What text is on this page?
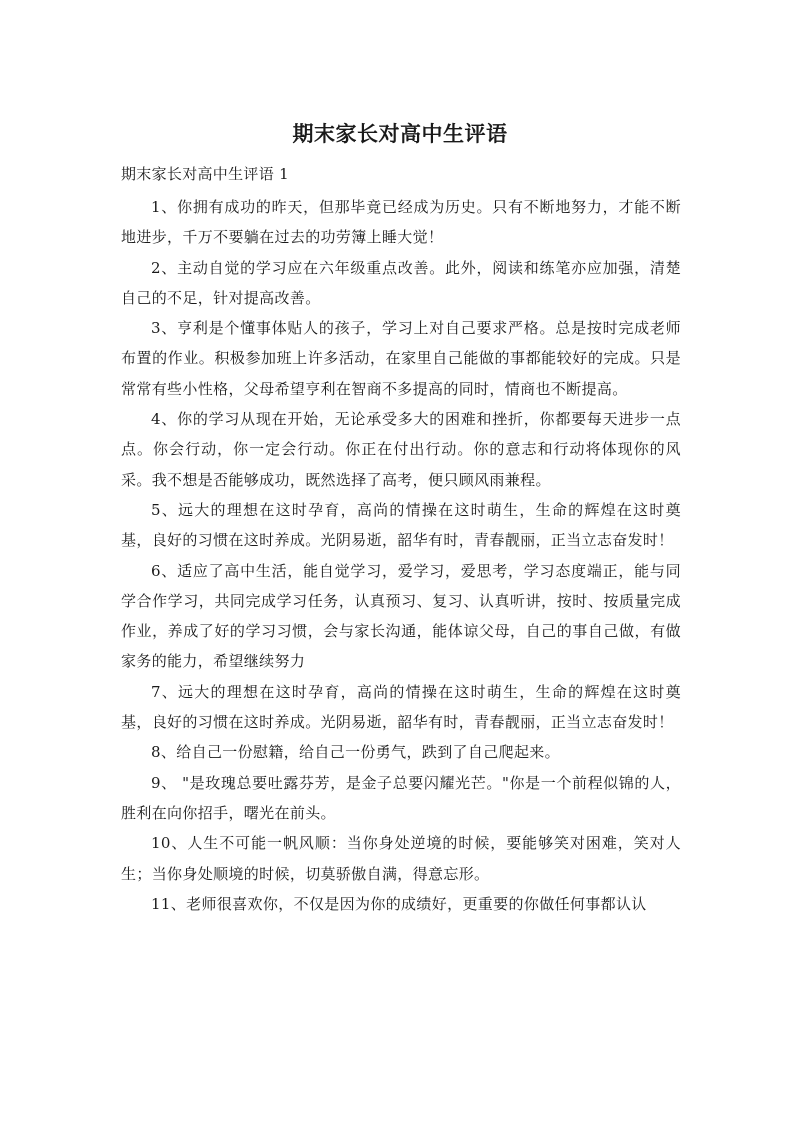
期末家长对高中生评语
期末家长对高中生评语 1

1、你拥有成功的昨天，但那毕竟已经成为历史。只有不断地努力，才能不断地进步，千万不要躺在过去的功劳簿上睡大觉！

2、主动自觉的学习应在六年级重点改善。此外，阅读和练笔亦应加强，清楚自己的不足，针对提高改善。

3、亨利是个懂事体贴人的孩子，学习上对自己要求严格。总是按时完成老师布置的作业。积极参加班上许多活动，在家里自己能做的事都能较好的完成。只是常常有些小性格，父母希望亨利在智商不多提高的同时，情商也不断提高。

4、你的学习从现在开始，无论承受多大的困难和挫折，你都要每天进步一点点。你会行动，你一定会行动。你正在付出行动。你的意志和行动将体现你的风采。我不想是否能够成功，既然选择了高考，便只顾风雨兼程。

5、远大的理想在这时孕育，高尚的情操在这时萌生，生命的辉煌在这时奠基，良好的习惯在这时养成。光阴易逝，韶华有时，青春靓丽，正当立志奋发时！

6、适应了高中生活，能自觉学习，爱学习，爱思考，学习态度端正，能与同学合作学习，共同完成学习任务，认真预习、复习、认真听讲，按时、按质量完成作业，养成了好的学习习惯，会与家长沟通，能体谅父母，自己的事自己做，有做家务的能力，希望继续努力

7、远大的理想在这时孕育，高尚的情操在这时萌生，生命的辉煌在这时奠基，良好的习惯在这时养成。光阴易逝，韶华有时，青春靓丽，正当立志奋发时！

8、给自己一份慰籍，给自己一份勇气，跌到了自己爬起来。

9、 "是玫瑰总要吐露芬芳，是金子总要闪耀光芒。"你是一个前程似锦的人，胜利在向你招手，曙光在前头。

10、人生不可能一帆风顺：当你身处逆境的时候，要能够笑对困难，笑对人生；当你身处顺境的时候，切莫骄傲自满，得意忘形。

11、老师很喜欢你，不仅是因为你的成绩好，更重要的你做任何事都认认
